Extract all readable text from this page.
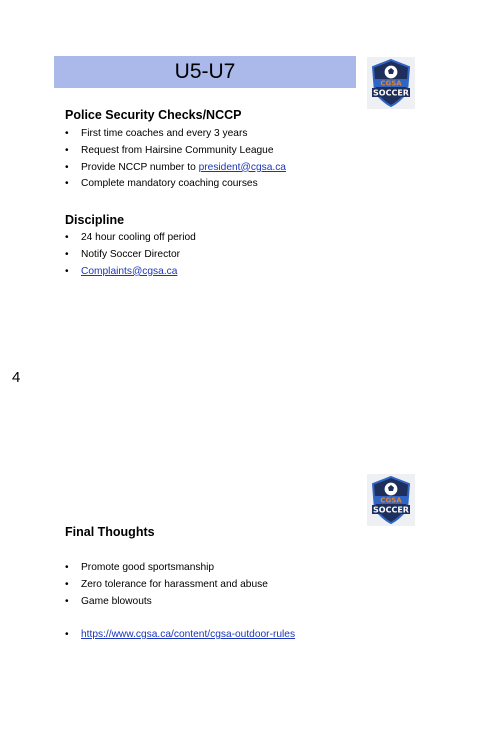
U5-U7
CGSA
SOCCER
Police Security Checks/NCCP
• First time coaches and every 3 years
• Request from Hairsine Community League
• Provide NCCP number to president@cgsa.ca
• Complete mandatory coaching courses
Discipline
• 24 hour cooling off period
• Notify Soccer Director
• Complaints@cgsa.ca
4
CGSA
SOCCER
Final Thoughts
• Promote good sportsmanship
• Zero tolerance for harassment and abuse
• Game blowouts
• https://www.cgsa.ca/content/cgsa-outdoor-rules
